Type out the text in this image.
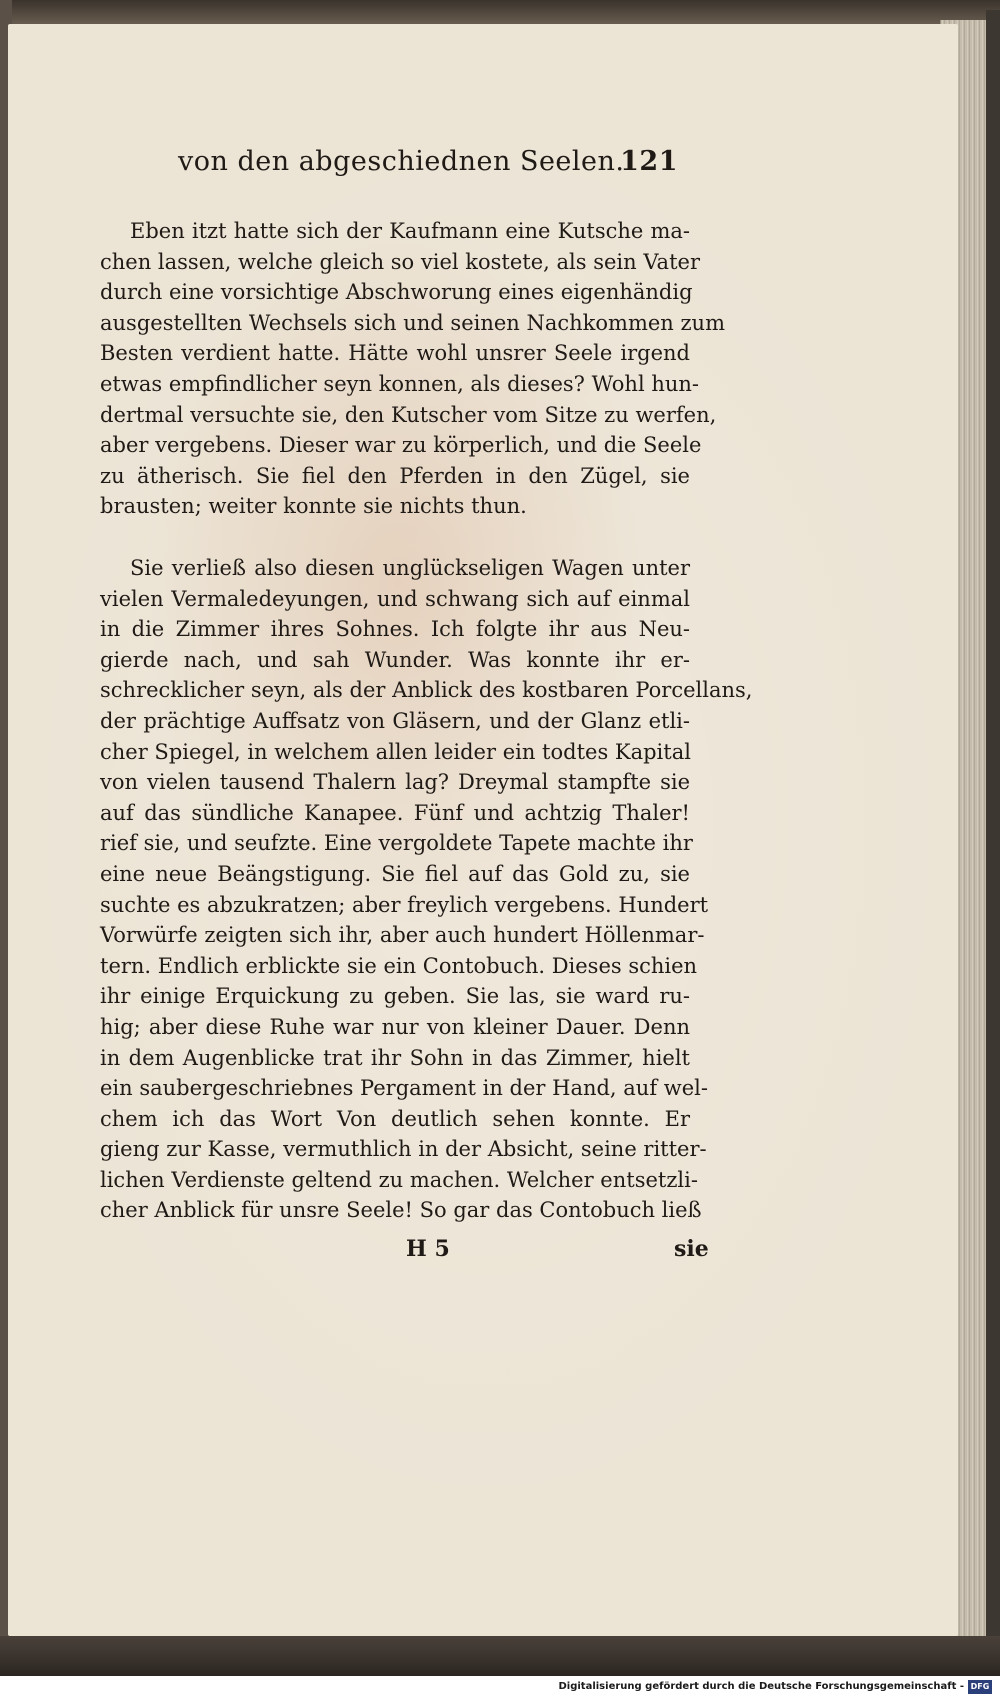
von den abgeschiednen Seelen.
121
Eben itzt hatte sich der Kaufmann eine Kutsche ma-
chen lassen, welche gleich so viel kostete, als sein Vater
durch eine vorsichtige Abschworung eines eigenhändig
ausgestellten Wechsels sich und seinen Nachkommen zum
Besten verdient hatte. Hätte wohl unsrer Seele irgend
etwas empfindlicher seyn konnen, als dieses? Wohl hun-
dertmal versuchte sie, den Kutscher vom Sitze zu werfen,
aber vergebens. Dieser war zu körperlich, und die Seele
zu ätherisch. Sie fiel den Pferden in den Zügel, sie
brausten; weiter konnte sie nichts thun.
Sie verließ also diesen unglückseligen Wagen unter
vielen Vermaledeyungen, und schwang sich auf einmal
in die Zimmer ihres Sohnes. Ich folgte ihr aus Neu-
gierde nach, und sah Wunder. Was konnte ihr er-
schrecklicher seyn, als der Anblick des kostbaren Porcellans,
der prächtige Auffsatz von Gläsern, und der Glanz etli-
cher Spiegel, in welchem allen leider ein todtes Kapital
von vielen tausend Thalern lag? Dreymal stampfte sie
auf das sündliche Kanapee. Fünf und achtzig Thaler!
rief sie, und seufzte. Eine vergoldete Tapete machte ihr
eine neue Beängstigung. Sie fiel auf das Gold zu, sie
suchte es abzukratzen; aber freylich vergebens. Hundert
Vorwürfe zeigten sich ihr, aber auch hundert Höllenmar-
tern. Endlich erblickte sie ein Contobuch. Dieses schien
ihr einige Erquickung zu geben. Sie las, sie ward ru-
hig; aber diese Ruhe war nur von kleiner Dauer. Denn
in dem Augenblicke trat ihr Sohn in das Zimmer, hielt
ein saubergeschriebnes Pergament in der Hand, auf wel-
chem ich das Wort Von deutlich sehen konnte. Er
gieng zur Kasse, vermuthlich in der Absicht, seine ritter-
lichen Verdienste geltend zu machen. Welcher entsetzli-
cher Anblick für unsre Seele! So gar das Contobuch ließ
H 5	sie
Digitalisierung gefördert durch die Deutsche Forschungsgemeinschaft - DFG
